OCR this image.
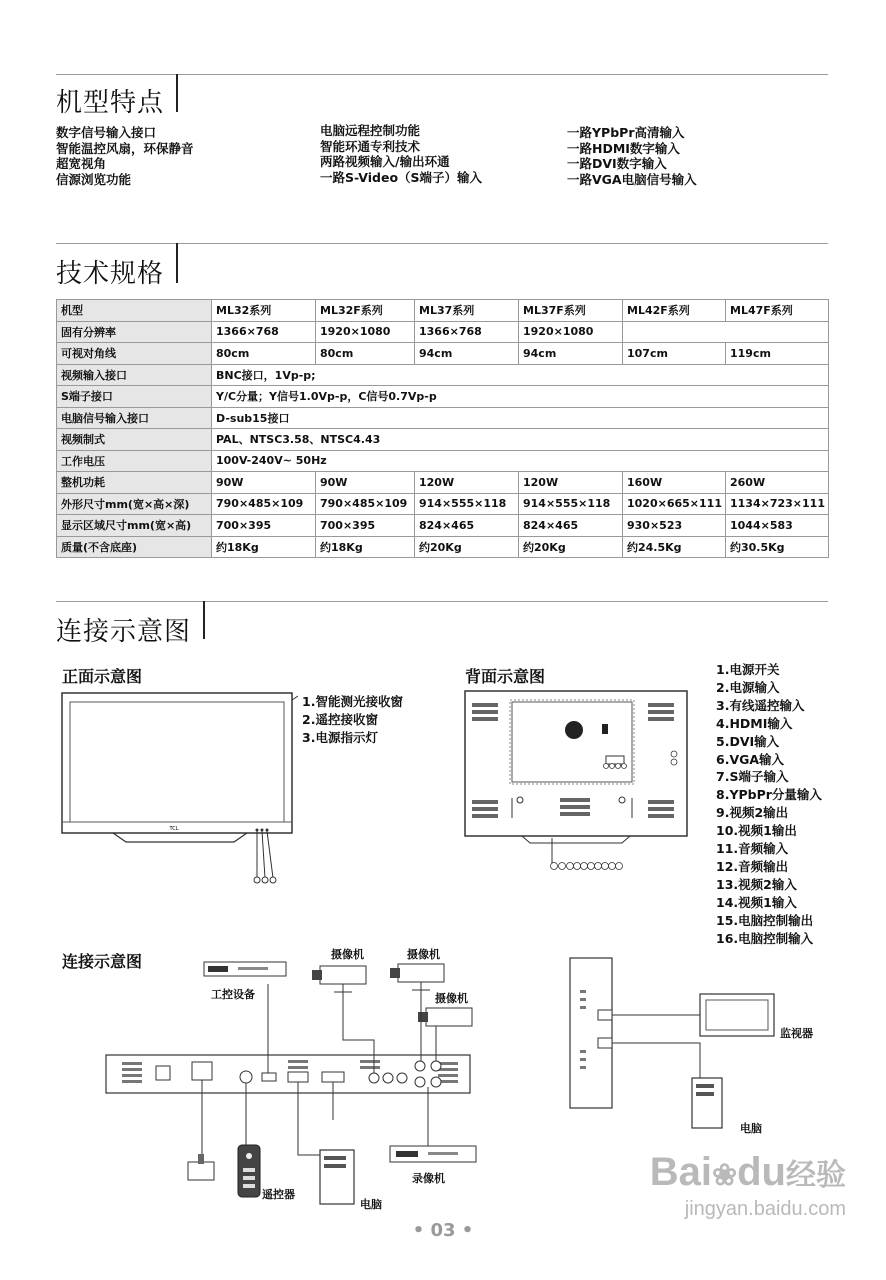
机型特点
数字信号输入接口
智能温控风扇，环保静音
超宽视角
信源浏览功能
电脑远程控制功能
智能环通专利技术
两路视频输入/输出环通
一路S-Video（S端子）输入
一路YPbPr高清输入
一路HDMI数字输入
一路DVI数字输入
一路VGA电脑信号输入
技术规格
机型	ML32系列	ML32F系列	ML37系列	ML37F系列	ML42F系列	ML47F系列
固有分辨率	1366×768	1920×1080	1366×768	1920×1080		
可视对角线	80cm	80cm	94cm	94cm	107cm	119cm
视频输入接口	BNC接口，1Vp-p;					
S端子接口	Y/C分量；Y信号1.0Vp-p，C信号0.7Vp-p					
电脑信号输入接口	D-sub15接口					
视频制式	PAL、NTSC3.58、NTSC4.43					
工作电压	100V-240V~ 50Hz					
整机功耗	90W	90W	120W	120W	160W	260W
外形尺寸mm(宽×高×深)	790×485×109	790×485×109	914×555×118	914×555×118	1020×665×111	1134×723×111
显示区域尺寸mm(宽×高)	700×395	700×395	824×465	824×465	930×523	1044×583
质量(不含底座)	约18Kg	约18Kg	约20Kg	约20Kg	约24.5Kg	约30.5Kg
连接示意图
正面示意图
TCL
1.智能测光接收窗
2.遥控接收窗
3.电源指示灯
背面示意图	1.电源开关
2.电源输入
3.有线遥控输入
4.HDMI输入
5.DVI输入
6.VGA输入
7.S端子输入
8.YPbPr分量输入
9.视频2输出
10.视频1输出
11.音频输入
12.音频输出
13.视频2输入
14.视频1输入
15.电脑控制输出
16.电脑控制输入
连接示意图
工控设备
摄像机	摄像机
摄像机
遥控器
电脑
录像机
监视器
电脑
• 03 •
Bai❀du经验
jingyan.baidu.com
